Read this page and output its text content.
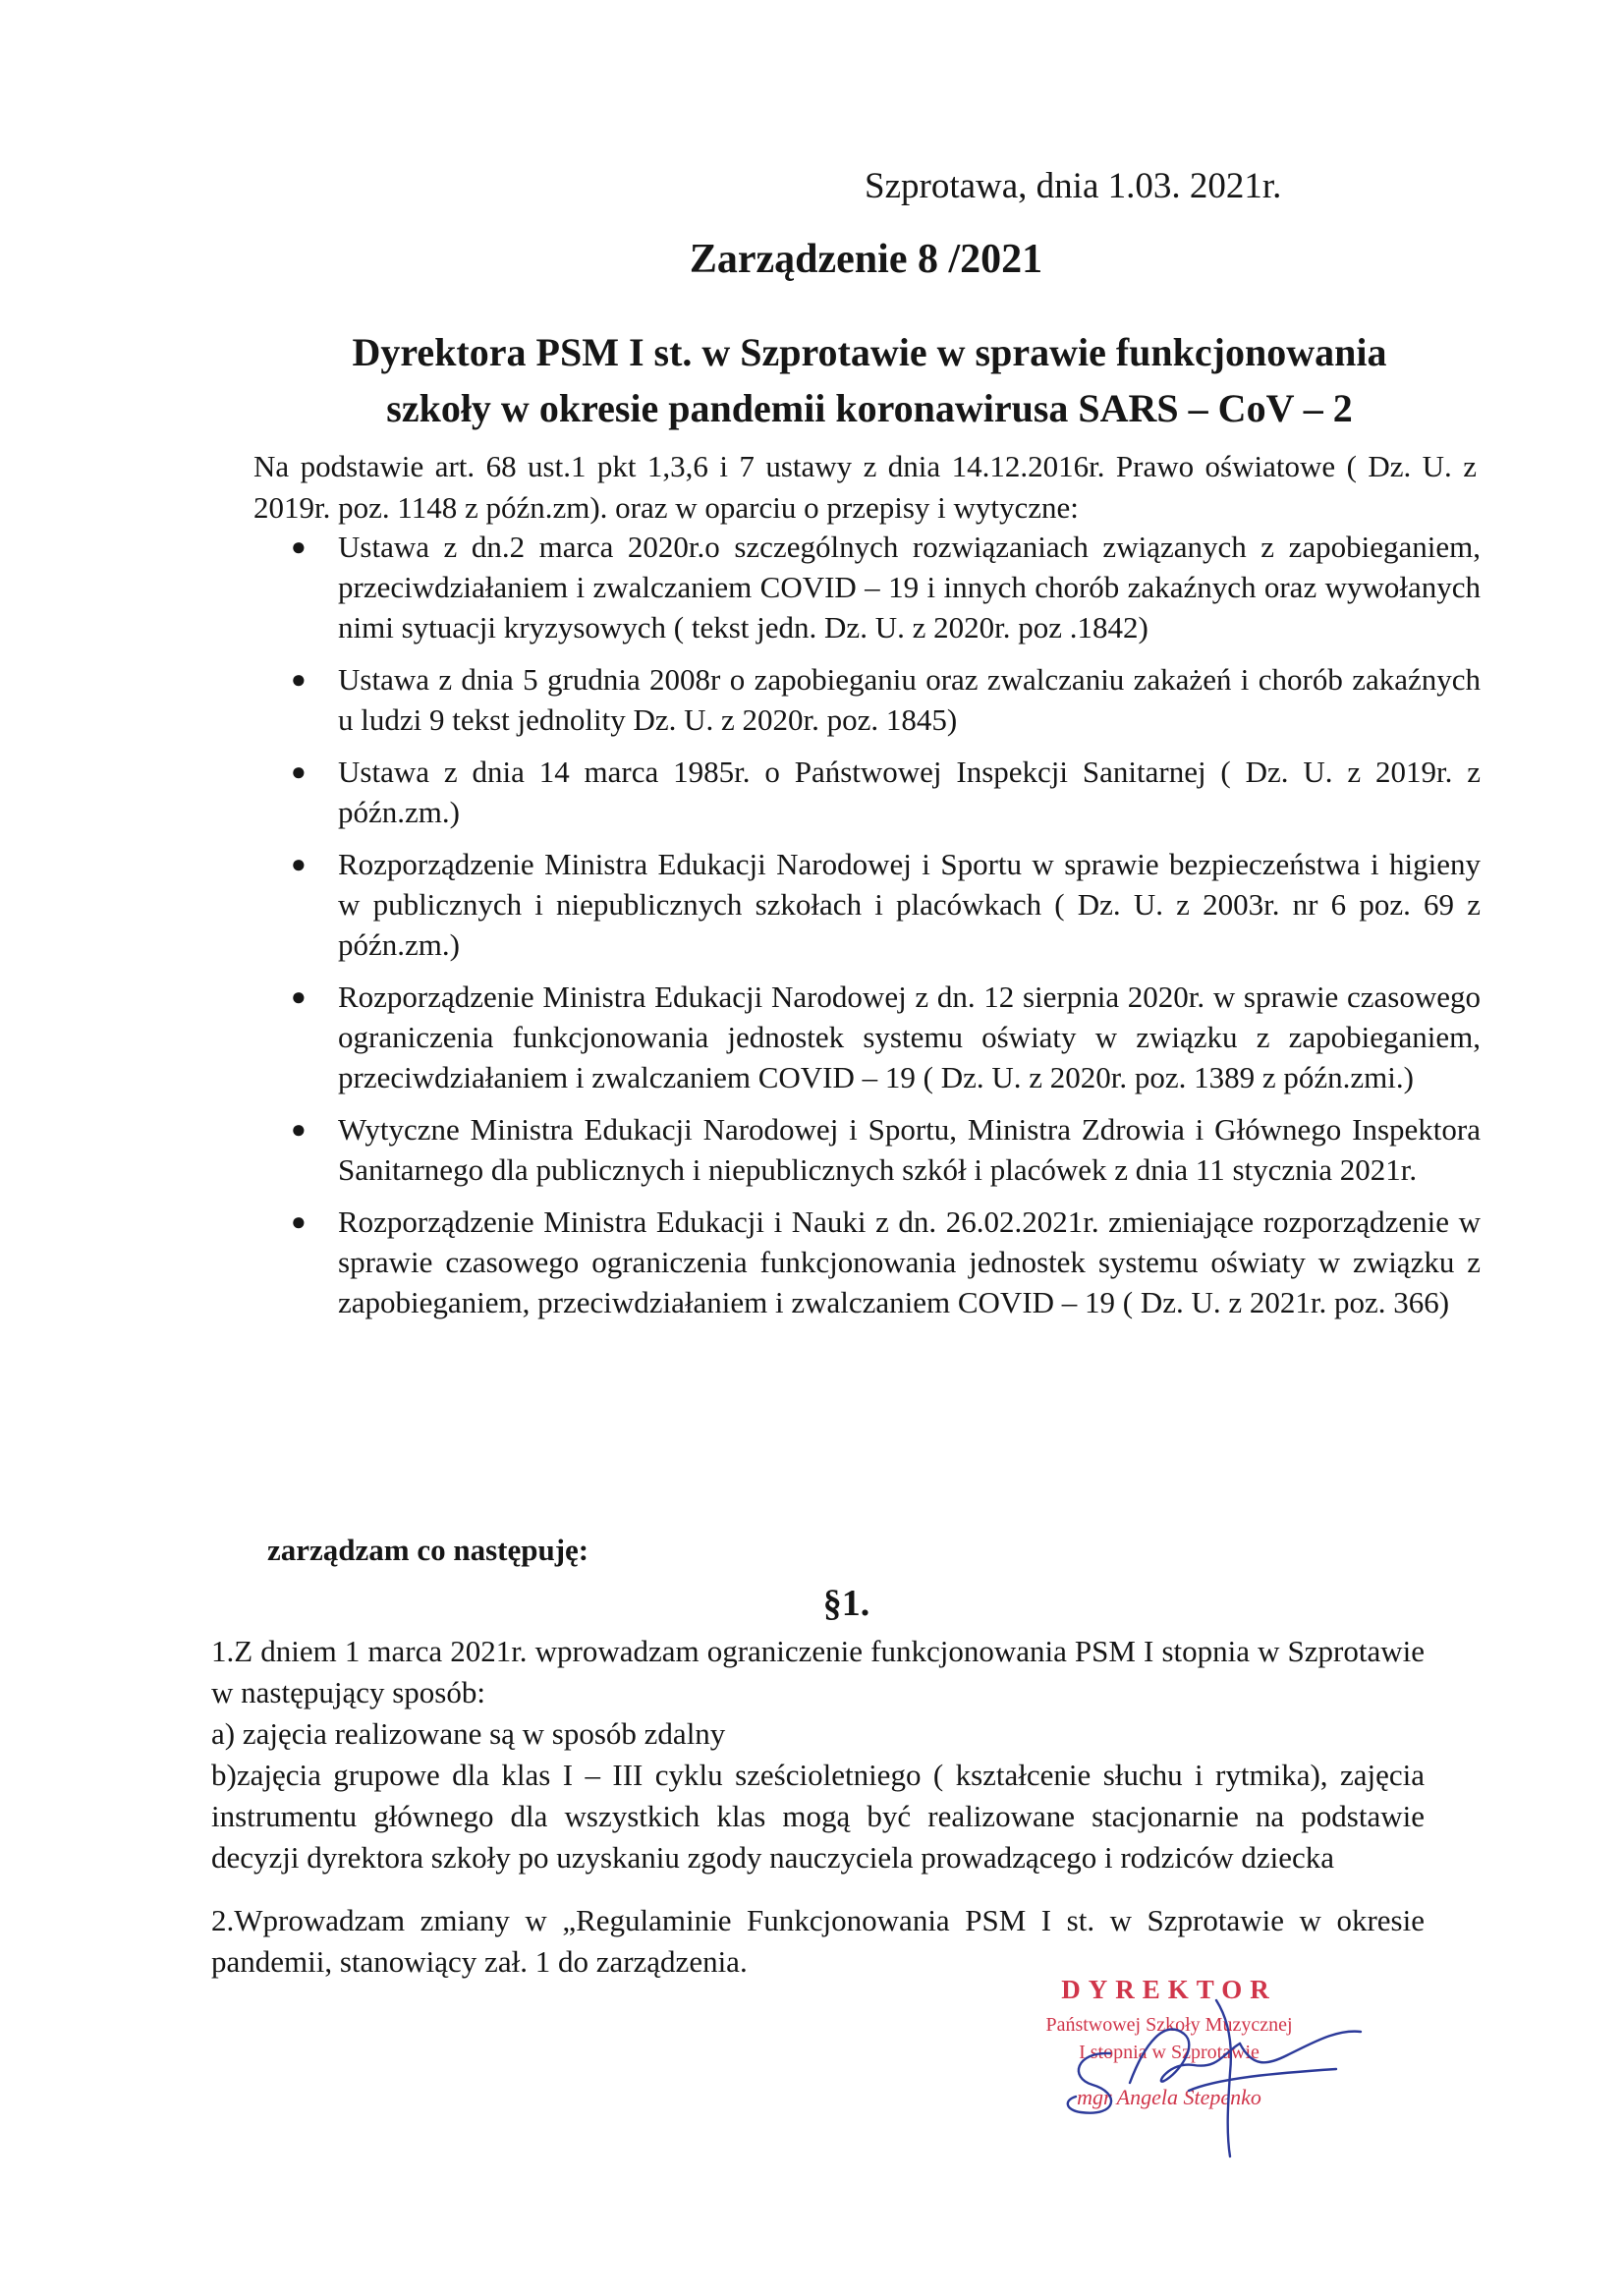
Szprotawa, dnia 1.03. 2021r.
Zarządzenie 8 /2021
Dyrektora PSM I st. w Szprotawie w sprawie funkcjonowania
szkoły w okresie pandemii koronawirusa SARS – CoV – 2
Na podstawie art. 68 ust.1 pkt 1,3,6 i 7 ustawy z dnia 14.12.2016r. Prawo oświatowe ( Dz. U. z 2019r. poz. 1148 z późn.zm). oraz w oparciu o przepisy i wytyczne:
● Ustawa z dn.2 marca 2020r.o szczególnych rozwiązaniach związanych z zapobieganiem, przeciwdziałaniem i zwalczaniem COVID – 19 i innych chorób zakaźnych oraz wywołanych nimi sytuacji kryzysowych ( tekst jedn. Dz. U. z 2020r. poz .1842)
● Ustawa z dnia 5 grudnia 2008r o zapobieganiu oraz zwalczaniu zakażeń i chorób zakaźnych u ludzi 9 tekst jednolity Dz. U. z 2020r. poz. 1845)
● Ustawa z dnia 14 marca 1985r. o Państwowej Inspekcji Sanitarnej ( Dz. U. z 2019r. z późn.zm.)
● Rozporządzenie Ministra Edukacji Narodowej i Sportu w sprawie bezpieczeństwa i higieny w publicznych i niepublicznych szkołach i placówkach ( Dz. U. z 2003r. nr 6 poz. 69 z późn.zm.)
● Rozporządzenie Ministra Edukacji Narodowej z dn. 12 sierpnia 2020r. w sprawie czasowego ograniczenia funkcjonowania jednostek systemu oświaty w związku z zapobieganiem, przeciwdziałaniem i zwalczaniem COVID – 19 ( Dz. U. z 2020r. poz. 1389 z późn.zmi.)
● Wytyczne Ministra Edukacji Narodowej i Sportu, Ministra Zdrowia i Głównego Inspektora Sanitarnego dla publicznych i niepublicznych szkół i placówek z dnia 11 stycznia 2021r.
● Rozporządzenie Ministra Edukacji i Nauki z dn. 26.02.2021r. zmieniające rozporządzenie w sprawie czasowego ograniczenia funkcjonowania jednostek systemu oświaty w związku z zapobieganiem, przeciwdziałaniem i zwalczaniem COVID – 19 ( Dz. U. z 2021r. poz. 366)
zarządzam co następuję:
§1.

1.Z dniem 1 marca 2021r. wprowadzam ograniczenie funkcjonowania PSM I stopnia w Szprotawie w następujący sposób:

a) zajęcia realizowane są w sposób zdalny

b)zajęcia grupowe dla klas I – III cyklu sześcioletniego ( kształcenie słuchu i rytmika), zajęcia instrumentu głównego dla wszystkich klas mogą być realizowane stacjonarnie na podstawie decyzji dyrektora szkoły po uzyskaniu zgody nauczyciela prowadzącego i rodziców dziecka

2.Wprowadzam zmiany w „Regulaminie Funkcjonowania PSM I st. w Szprotawie w okresie pandemii, stanowiący zał. 1 do zarządzenia.

DYREKTOR
Państwowej Szkoły Muzycznej
I stopnia w Szprotawie
mgr Angela Stepenko
